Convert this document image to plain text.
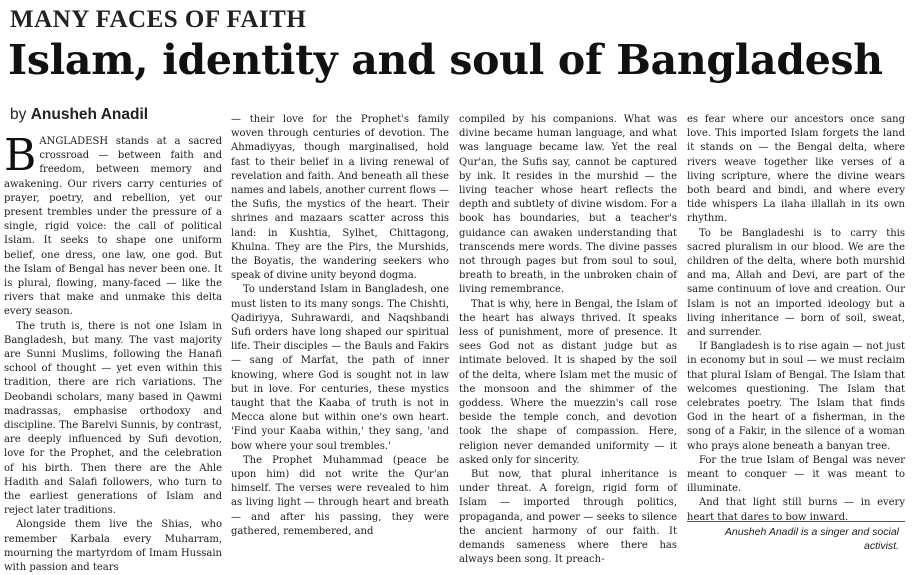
MANY FACES OF FAITH
Islam, identity and soul of Bangladesh
by Anusheh Anadil
B ANGLADESH stands at a sacred crossroad — between faith and freedom, between memory and awakening. Our rivers carry centuries of prayer, poetry, and rebellion, yet our present trembles under the pressure of a single, rigid voice: the call of political Islam. It seeks to shape one uniform belief, one dress, one law, one god. But the Islam of Bengal has never been one. It is plural, flowing, many-faced — like the rivers that make and unmake this delta every season.

The truth is, there is not one Islam in Bangladesh, but many. The vast majority are Sunni Muslims, following the Hanafi school of thought — yet even within this tradition, there are rich variations. The Deobandi scholars, many based in Qawmi madrassas, emphasise orthodoxy and discipline. The Barelvi Sunnis, by contrast, are deeply influenced by Sufi devotion, love for the Prophet, and the celebration of his birth. Then there are the Ahle Hadith and Salafi followers, who turn to the earliest generations of Islam and reject later traditions.

Alongside them live the Shias, who remember Karbala every Muharram, mourning the martyrdom of Imam Hussain with passion and tears

— their love for the Prophet's family woven through centuries of devotion. The Ahmadiyyas, though marginalised, hold fast to their belief in a living renewal of revelation and faith. And beneath all these names and labels, another current flows — the Sufis, the mystics of the heart. Their shrines and mazaars scatter across this land: in Kushtia, Sylhet, Chittagong, Khulna. They are the Pirs, the Murshids, the Boyatis, the wandering seekers who speak of divine unity beyond dogma.

To understand Islam in Bangladesh, one must listen to its many songs. The Chishti, Qadiriyya, Suhrawardi, and Naqshbandi Sufi orders have long shaped our spiritual life. Their disciples — the Bauls and Fakirs — sang of Marfat, the path of inner knowing, where God is sought not in law but in love. For centuries, these mystics taught that the Kaaba of truth is not in Mecca alone but within one's own heart. 'Find your Kaaba within,' they sang, 'and bow where your soul trembles.'

The Prophet Muhammad (peace be upon him) did not write the Qur'an himself. The verses were revealed to him as living light — through heart and breath — and after his passing, they were gathered, remembered, and

compiled by his companions. What was divine became human language, and what was language became law. Yet the real Qur'an, the Sufis say, cannot be captured by ink. It resides in the murshid — the living teacher whose heart reflects the depth and subtlety of divine wisdom. For a book has boundaries, but a teacher's guidance can awaken understanding that transcends mere words. The divine passes not through pages but from soul to soul, breath to breath, in the unbroken chain of living remembrance.

That is why, here in Bengal, the Islam of the heart has always thrived. It speaks less of punishment, more of presence. It sees God not as distant judge but as intimate beloved. It is shaped by the soil of the delta, where Islam met the music of the monsoon and the shimmer of the goddess. Where the muezzin's call rose beside the temple conch, and devotion took the shape of compassion. Here, religion never demanded uniformity — it asked only for sincerity.

But now, that plural inheritance is under threat. A foreign, rigid form of Islam — imported through politics, propaganda, and power — seeks to silence the ancient harmony of our faith. It demands sameness where there has always been song. It preach-

es fear where our ancestors once sang love. This imported Islam forgets the land it stands on — the Bengal delta, where rivers weave together like verses of a living scripture, where the divine wears both beard and bindi, and where every tide whispers La ilaha illallah in its own rhythm.

To be Bangladeshi is to carry this sacred pluralism in our blood. We are the children of the delta, where both murshid and ma, Allah and Devi, are part of the same continuum of love and creation. Our Islam is not an imported ideology but a living inheritance — born of soil, sweat, and surrender.

If Bangladesh is to rise again — not just in economy but in soul — we must reclaim that plural Islam of Bengal. The Islam that welcomes questioning. The Islam that celebrates poetry. The Islam that finds God in the heart of a fisherman, in the song of a Fakir, in the silence of a woman who prays alone beneath a banyan tree.

For the true Islam of Bengal was never meant to conquer — it was meant to illuminate.

And that light still burns — in every heart that dares to bow inward.

Anusheh Anadil is a singer and social activist.
